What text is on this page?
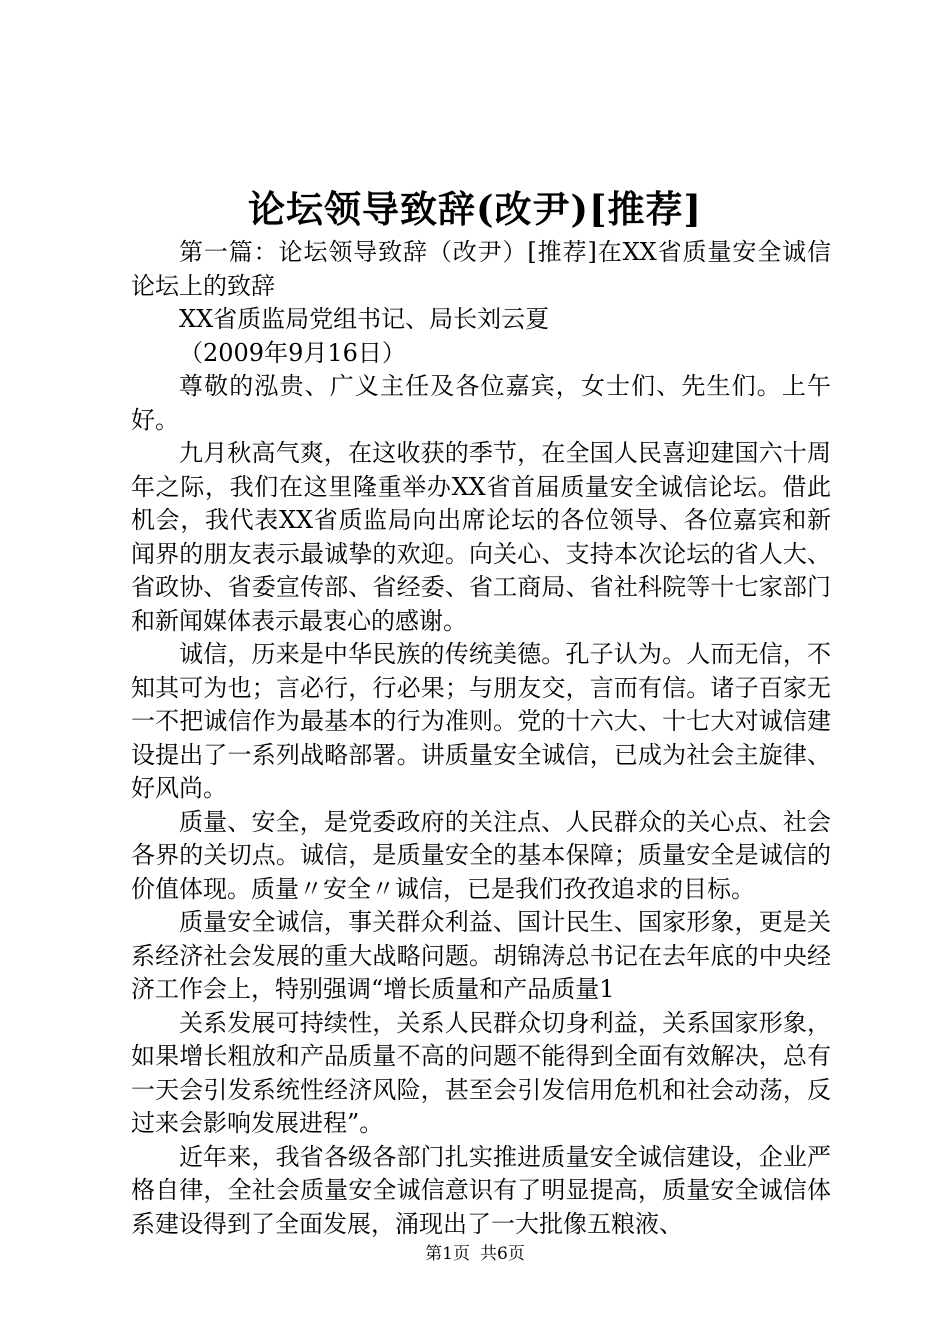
论坛领导致辞(改尹)[推荐]

第一篇：论坛领导致辞（改尹）[推荐]在XX省质量安全诚信论坛上的致辞

XX省质监局党组书记、局长刘云夏

（2009年9月16日）

尊敬的泓贵、广义主任及各位嘉宾，女士们、先生们。上午好。

九月秋高气爽，在这收获的季节，在全国人民喜迎建国六十周年之际，我们在这里隆重举办XX省首届质量安全诚信论坛。借此机会，我代表XX省质监局向出席论坛的各位领导、各位嘉宾和新闻界的朋友表示最诚挚的欢迎。向关心、支持本次论坛的省人大、省政协、省委宣传部、省经委、省工商局、省社科院等十七家部门和新闻媒体表示最衷心的感谢。

诚信，历来是中华民族的传统美德。孔子认为。人而无信，不知其可为也；言必行，行必果；与朋友交，言而有信。诸子百家无一不把诚信作为最基本的行为准则。党的十六大、十七大对诚信建设提出了一系列战略部署。讲质量安全诚信，已成为社会主旋律、好风尚。

质量、安全，是党委政府的关注点、人民群众的关心点、社会各界的关切点。诚信，是质量安全的基本保障；质量安全是诚信的价值体现。质量〃安全〃诚信，已是我们孜孜追求的目标。

质量安全诚信，事关群众利益、国计民生、国家形象，更是关系经济社会发展的重大战略问题。胡锦涛总书记在去年底的中央经济工作会上，特别强调“增长质量和产品质量1

关系发展可持续性，关系人民群众切身利益，关系国家形象，如果增长粗放和产品质量不高的问题不能得到全面有效解决，总有一天会引发系统性经济风险，甚至会引发信用危机和社会动荡，反过来会影响发展进程”。

近年来，我省各级各部门扎实推进质量安全诚信建设，企业严格自律，全社会质量安全诚信意识有了明显提高，质量安全诚信体系建设得到了全面发展，涌现出了一大批像五粮液、

第1页 共6页
